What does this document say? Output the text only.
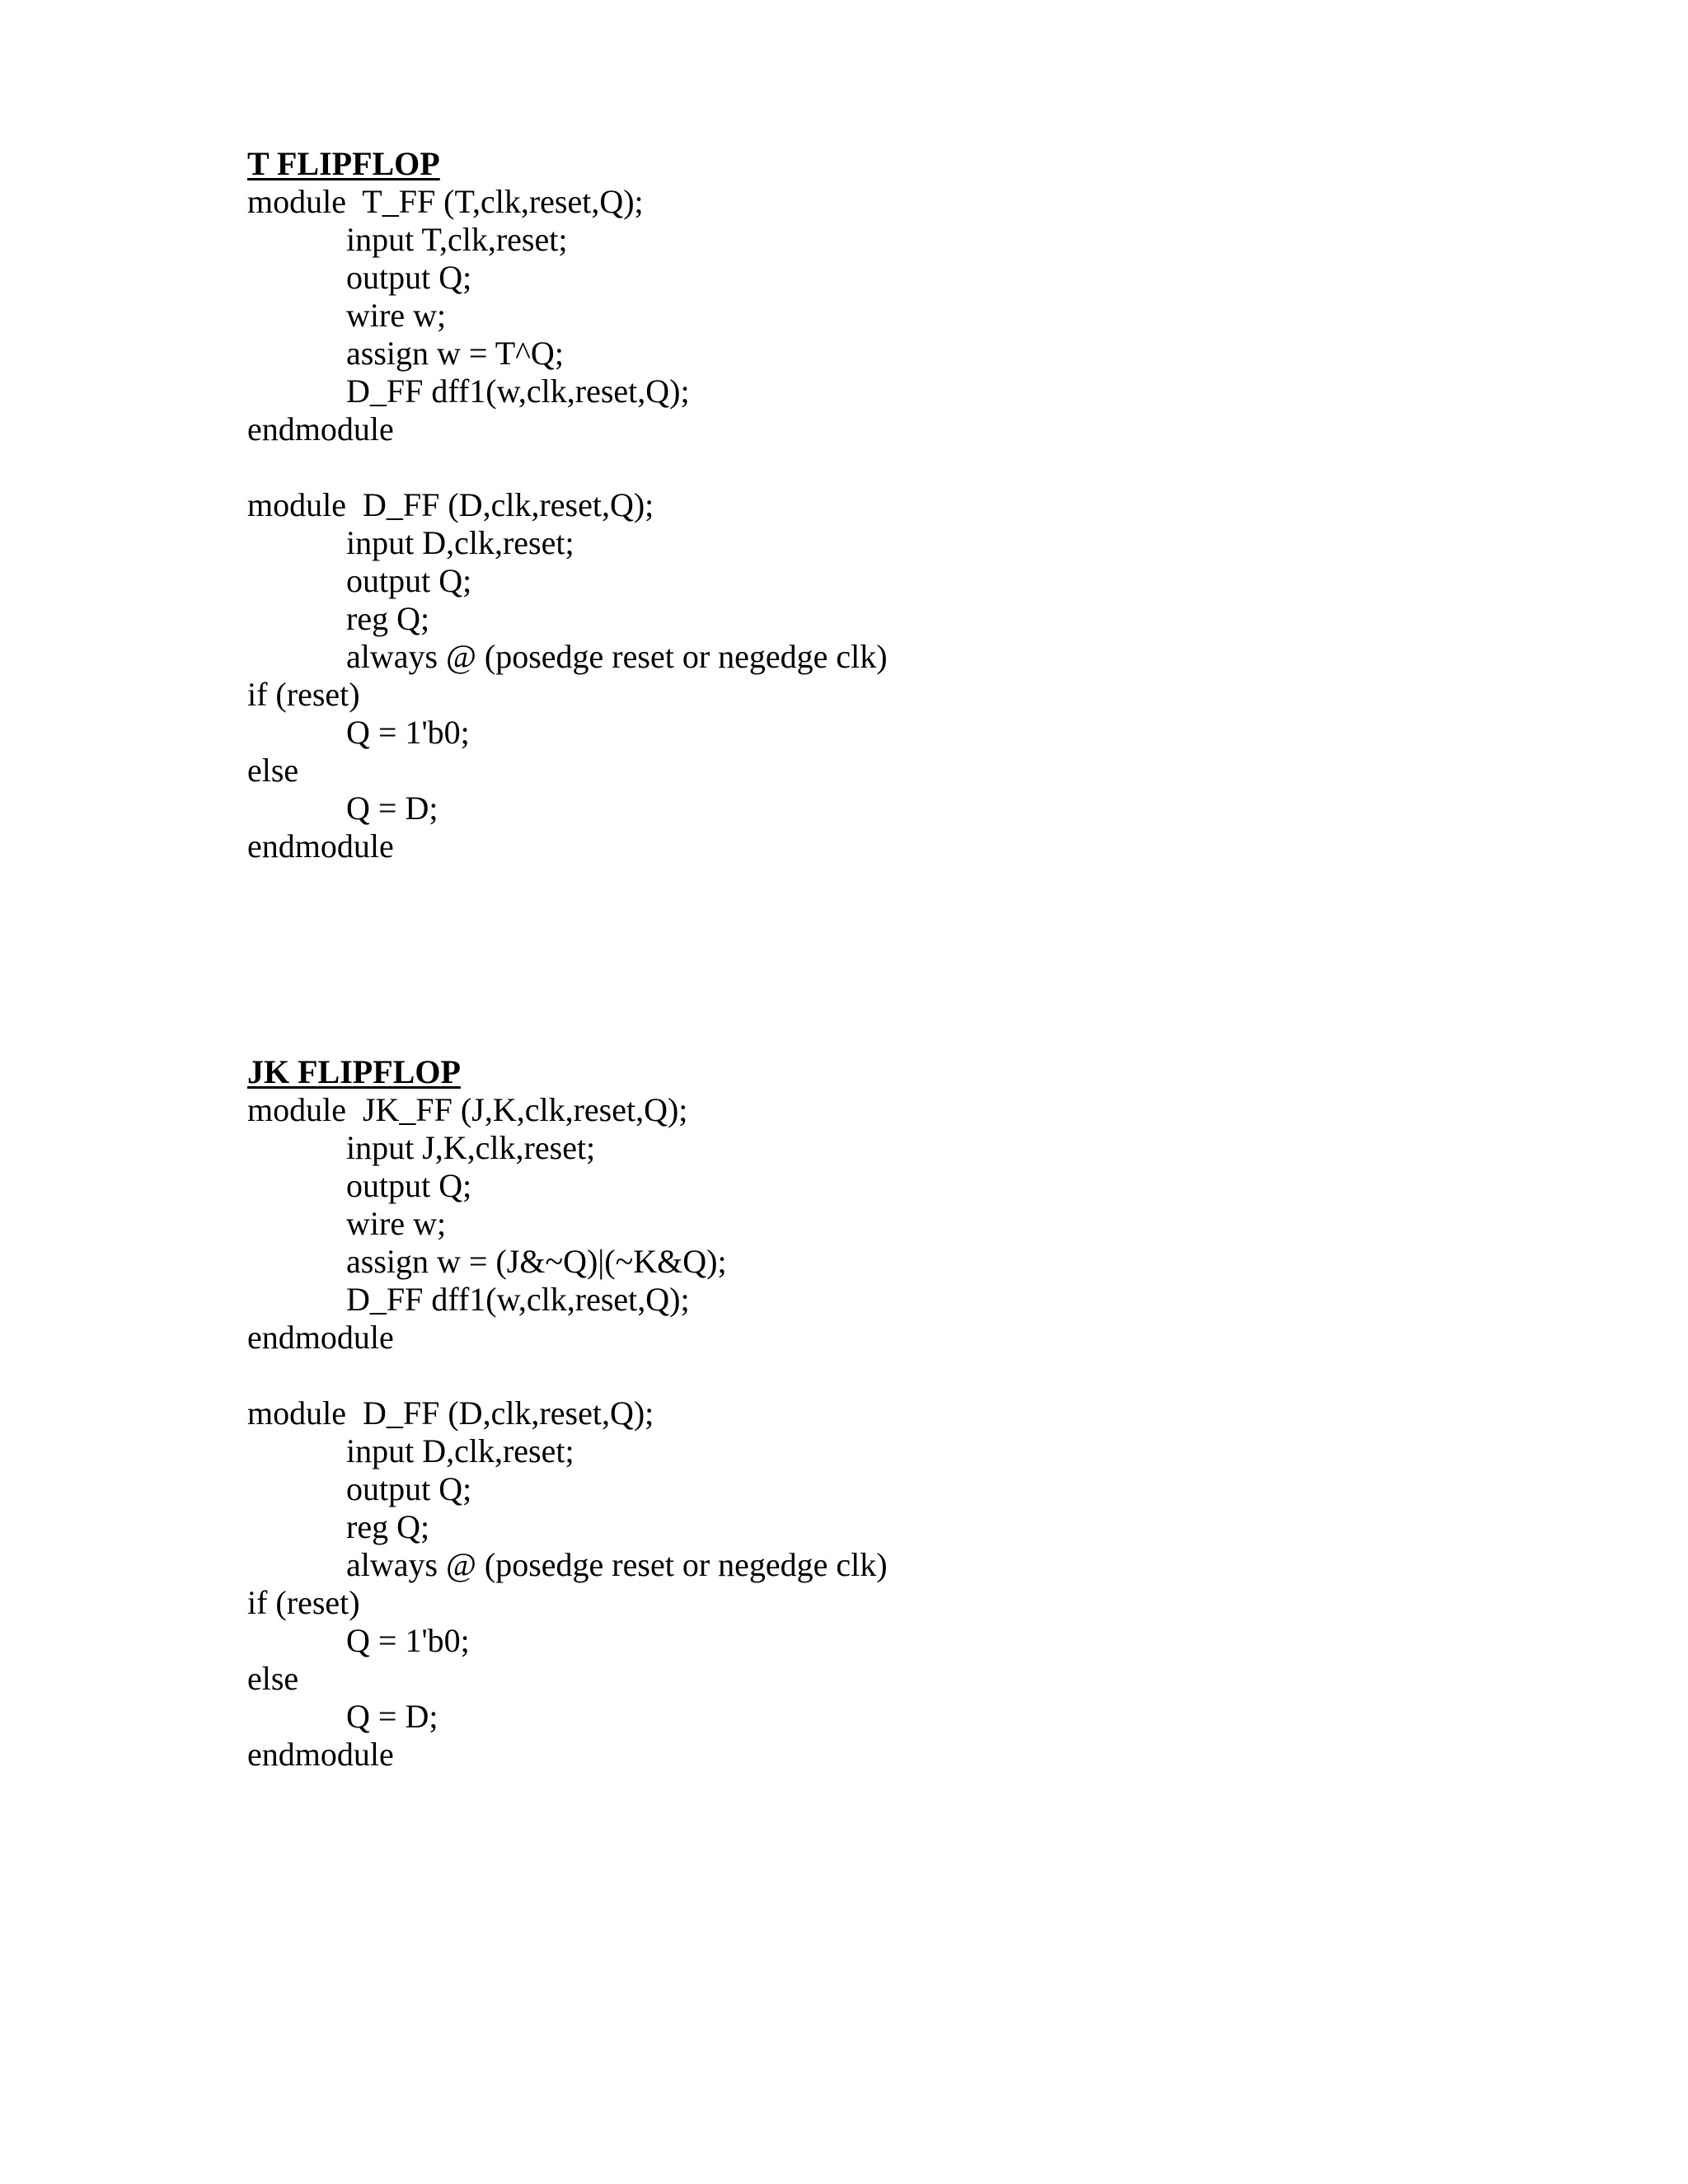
T FLIPFLOP
module  T_FF (T,clk,reset,Q);
input T,clk,reset;
output Q;
wire w;
assign w = T^Q;
D_FF dff1(w,clk,reset,Q);
endmodule
module  D_FF (D,clk,reset,Q);
input D,clk,reset;
output Q;
reg Q;
always @ (posedge reset or negedge clk)
if (reset)
Q = 1'b0;
else
Q = D;
endmodule
JK FLIPFLOP
module  JK_FF (J,K,clk,reset,Q);
input J,K,clk,reset;
output Q;
wire w;
assign w = (J&~Q)|(~K&Q);
D_FF dff1(w,clk,reset,Q);
endmodule
module  D_FF (D,clk,reset,Q);
input D,clk,reset;
output Q;
reg Q;
always @ (posedge reset or negedge clk)
if (reset)
Q = 1'b0;
else
Q = D;
endmodule
